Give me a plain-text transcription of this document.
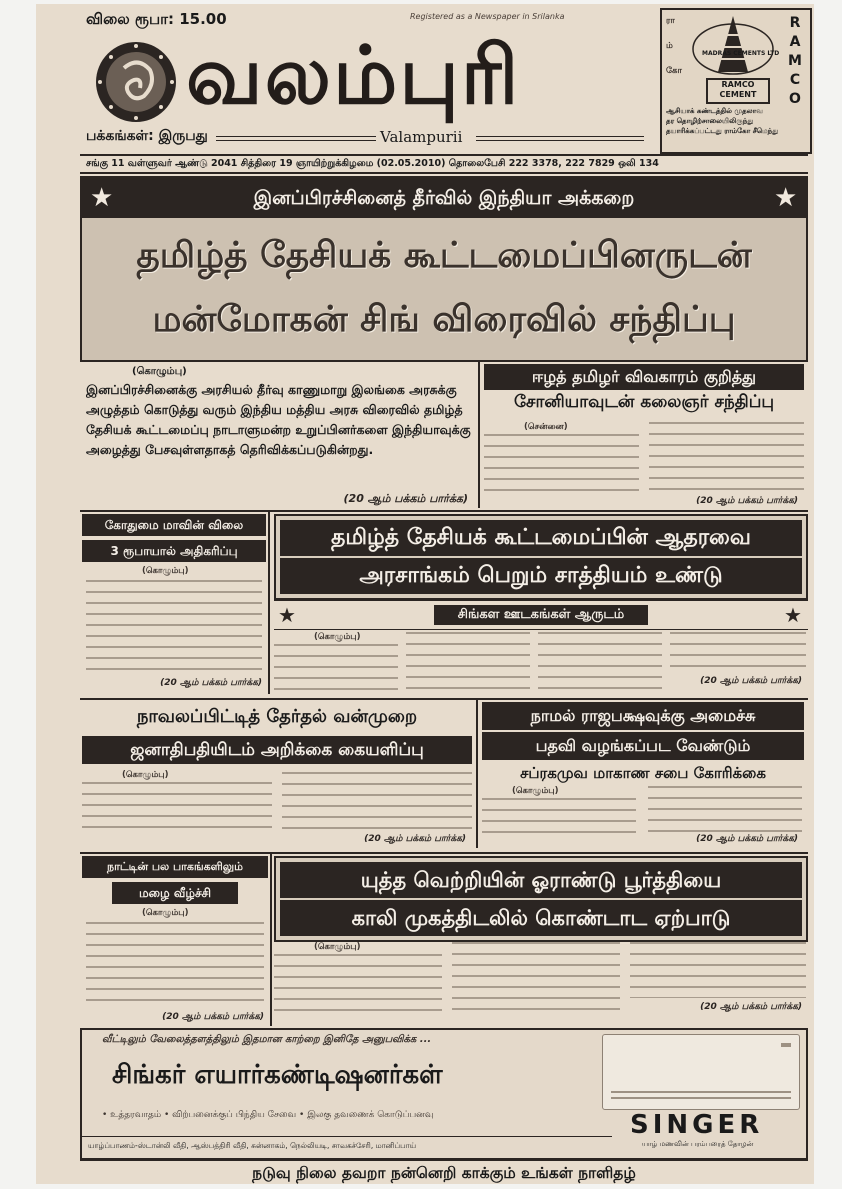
விலை ரூபா: 15.00	Registered as a Newspaper in Srilanka
வலம்புரி
பக்கங்கள்: இருபது	Valampurii
ரா
ம்
கோ
MADRAS CEMENTS LTD
RAMCO CEMENT
R
A
M
C
O
ஆசியாக் கண்டத்தில் முதலாவ
தர தொழிற்சாலையிலிருந்து
தயாரிக்கப்பட்டது ராம்கோ சீமெந்து
சங்கு 11 வள்ளுவர் ஆண்டு 2041 சித்திரை 19 ஞாயிற்றுக்கிழமை (02.05.2010) தொலைபேசி 222 3378, 222 7829 ஒலி 134
★	இனப்பிரச்சினைத் தீர்வில் இந்தியா அக்கறை	★
தமிழ்த் தேசியக் கூட்டமைப்பினருடன்
மன்மோகன் சிங் விரைவில் சந்திப்பு
(கொழும்பு)
இனப்பிரச்சினைக்கு அரசியல் தீர்வு காணுமாறு இலங்கை அரசுக்கு அழுத்தம் கொடுத்து வரும் இந்திய மத்திய அரசு விரைவில் தமிழ்த் தேசியக் கூட்டமைப்பு நாடாளுமன்ற உறுப்பினர்களை இந்தியாவுக்கு அழைத்து பேசவுள்ளதாகத் தெரிவிக்கப்படுகின்றது.
(20 ஆம் பக்கம் பார்க்க)
ஈழத் தமிழர் விவகாரம் குறித்து
சோனியாவுடன் கலைஞர் சந்திப்பு
(சென்னை)
(20 ஆம் பக்கம் பார்க்க)
கோதுமை மாவின் விலை
3 ரூபாயால் அதிகரிப்பு
(கொழும்பு)
(20 ஆம் பக்கம் பார்க்க)
தமிழ்த் தேசியக் கூட்டமைப்பின் ஆதரவை
அரசாங்கம் பெறும் சாத்தியம் உண்டு
★	சிங்கள ஊடகங்கள் ஆருடம்	★
(கொழும்பு)
(20 ஆம் பக்கம் பார்க்க)
நாவலப்பிட்டித் தேர்தல் வன்முறை
ஜனாதிபதியிடம் அறிக்கை கையளிப்பு
(கொழும்பு)
(20 ஆம் பக்கம் பார்க்க)
நாமல் ராஜபக்ஷவுக்கு அமைச்சு
பதவி வழங்கப்பட வேண்டும்
சப்ரகமுவ மாகாண சபை கோரிக்கை
(கொழும்பு)
(20 ஆம் பக்கம் பார்க்க)
நாட்டின் பல பாகங்களிலும்
மழை வீழ்ச்சி
(கொழும்பு)
(20 ஆம் பக்கம் பார்க்க)
யுத்த வெற்றியின் ஓராண்டு பூர்த்தியை
காலி முகத்திடலில் கொண்டாட ஏற்பாடு
(கொழும்பு)
(20 ஆம் பக்கம் பார்க்க)
வீட்டிலும் வேலைத்தளத்திலும் இதமான காற்றை இனிதே அனுபவிக்க ...
சிங்கர் எயார்கண்டிஷனர்கள்
• உத்தரவாதம் • விற்பனைக்குப் பிந்திய சேவை • இலகு தவணைக் கொடுப்பனவு	SINGER
யாழ் மணவின் பரம்பரைத் தோழன்
யாழ்ப்பாணம்-ஸ்டான்லி வீதி, ஆஸ்பத்திரி வீதி, சுன்னாகம், நெல்லியடி, சாவகச்சேரி, மானிப்பாய்
நடுவு நிலை தவறா நன்னெறி காக்கும் உங்கள் நாளிதழ்
